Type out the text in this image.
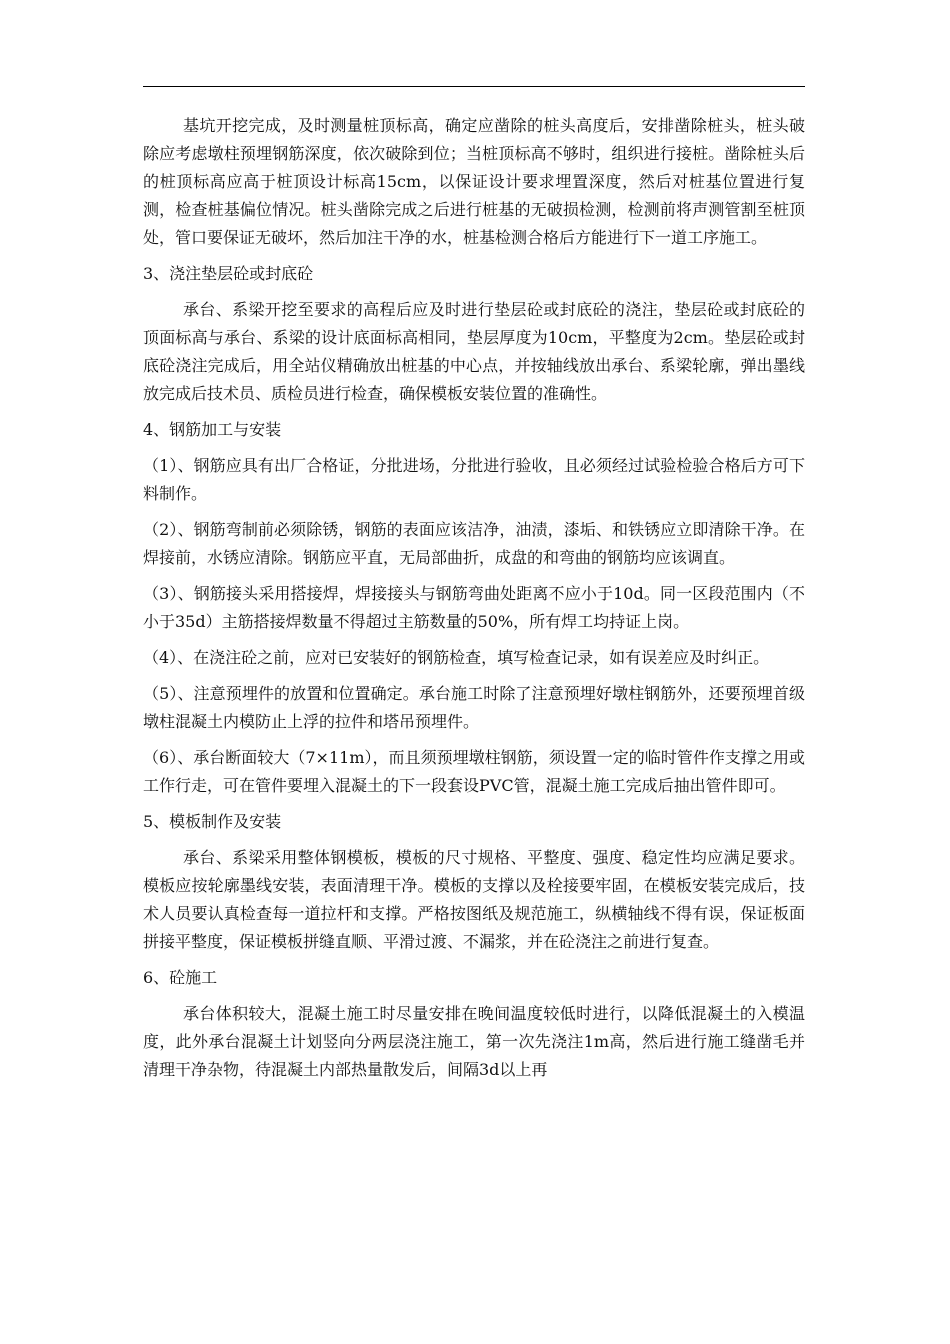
基坑开挖完成，及时测量桩顶标高，确定应凿除的桩头高度后，安排凿除桩头，桩头破除应考虑墩柱预埋钢筋深度，依次破除到位；当桩顶标高不够时，组织进行接桩。凿除桩头后的桩顶标高应高于桩顶设计标高15cm，以保证设计要求埋置深度，然后对桩基位置进行复测，检查桩基偏位情况。桩头凿除完成之后进行桩基的无破损检测，检测前将声测管割至桩顶处，管口要保证无破坏，然后加注干净的水，桩基检测合格后方能进行下一道工序施工。

3、浇注垫层砼或封底砼

承台、系梁开挖至要求的高程后应及时进行垫层砼或封底砼的浇注，垫层砼或封底砼的顶面标高与承台、系梁的设计底面标高相同，垫层厚度为10cm，平整度为2cm。垫层砼或封底砼浇注完成后，用全站仪精确放出桩基的中心点，并按轴线放出承台、系梁轮廓，弹出墨线放完成后技术员、质检员进行检查，确保模板安装位置的准确性。

4、钢筋加工与安装

（1）、钢筋应具有出厂合格证，分批进场，分批进行验收，且必须经过试验检验合格后方可下料制作。

（2）、钢筋弯制前必须除锈，钢筋的表面应该洁净，油渍，漆垢、和铁锈应立即清除干净。在焊接前，水锈应清除。钢筋应平直，无局部曲折，成盘的和弯曲的钢筋均应该调直。

（3）、钢筋接头采用搭接焊，焊接接头与钢筋弯曲处距离不应小于10d。同一区段范围内（不小于35d）主筋搭接焊数量不得超过主筋数量的50%，所有焊工均持证上岗。

（4）、在浇注砼之前，应对已安装好的钢筋检查，填写检查记录，如有误差应及时纠正。

（5）、注意预埋件的放置和位置确定。承台施工时除了注意预埋好墩柱钢筋外，还要预埋首级墩柱混凝土内模防止上浮的拉件和塔吊预埋件。

（6）、承台断面较大（7×11m），而且须预埋墩柱钢筋，须设置一定的临时管件作支撑之用或工作行走，可在管件要埋入混凝土的下一段套设PVC管，混凝土施工完成后抽出管件即可。

5、模板制作及安装

承台、系梁采用整体钢模板，模板的尺寸规格、平整度、强度、稳定性均应满足要求。模板应按轮廓墨线安装，表面清理干净。模板的支撑以及栓接要牢固，在模板安装完成后，技术人员要认真检查每一道拉杆和支撑。严格按图纸及规范施工，纵横轴线不得有误，保证板面拼接平整度，保证模板拼缝直顺、平滑过渡、不漏浆，并在砼浇注之前进行复查。

6、砼施工

承台体积较大，混凝土施工时尽量安排在晚间温度较低时进行，以降低混凝土的入模温度，此外承台混凝土计划竖向分两层浇注施工，第一次先浇注1m高，然后进行施工缝凿毛并清理干净杂物，待混凝土内部热量散发后，间隔3d以上再
